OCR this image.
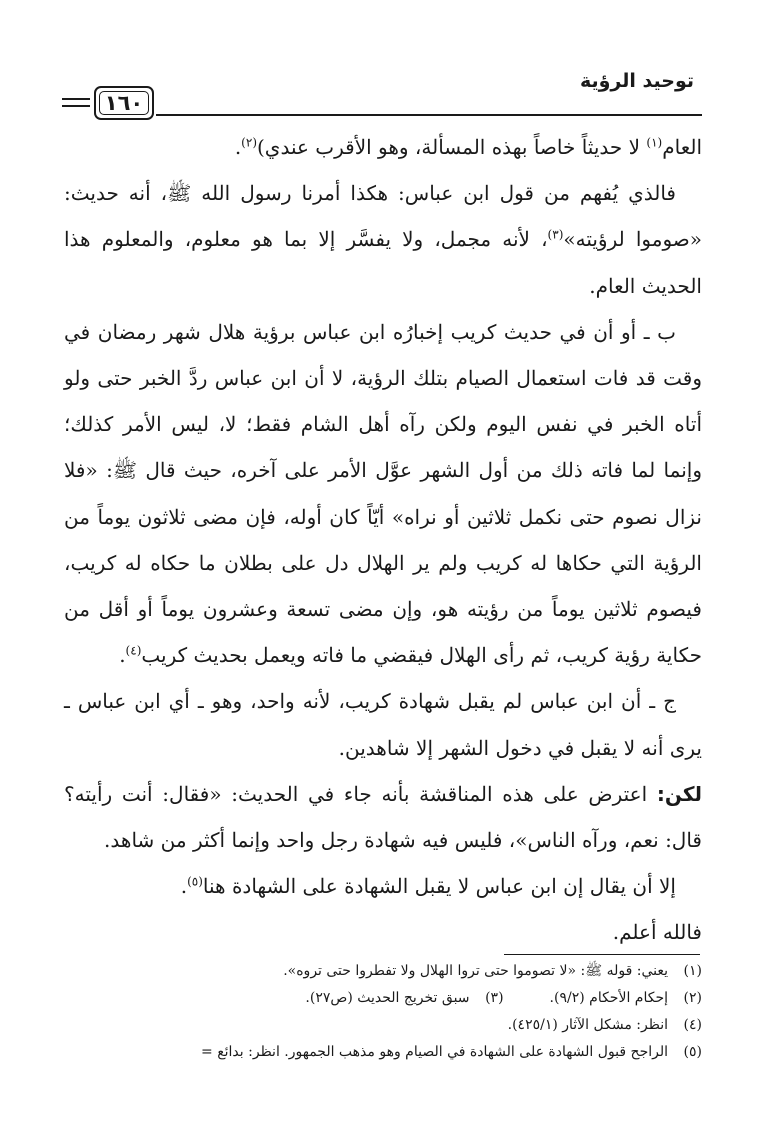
توحيد الرؤية
١٦٠

العام$^{(١)}$ لا حديثاً خاصاً بهذه المسألة، وهو الأقرب عندي)$^{(٢)}$.

فالذي يُفهم من قول ابن عباس: هكذا أمرنا رسول الله ﷺ، أنه حديث: «صوموا لرؤيته»$^{(٣)}$، لأنه مجمل، ولا يفسَّر إلا بما هو معلوم، والمعلوم هذا الحديث العام.

ب ـ أو أن في حديث كريب إخبارُه ابن عباس برؤية هلال شهر رمضان في وقت قد فات استعمال الصيام بتلك الرؤية، لا أن ابن عباس ردَّ الخبر حتى ولو أتاه الخبر في نفس اليوم ولكن رآه أهل الشام فقط؛ لا، ليس الأمر كذلك؛ وإنما لما فاته ذلك من أول الشهر عوَّل الأمر على آخره، حيث قال ﷺ: «فلا نزال نصوم حتى نكمل ثلاثين أو نراه» أيّاً كان أوله، فإن مضى ثلاثون يوماً من الرؤية التي حكاها له كريب ولم ير الهلال دل على بطلان ما حكاه له كريب، فيصوم ثلاثين يوماً من رؤيته هو، وإن مضى تسعة وعشرون يوماً أو أقل من حكاية رؤية كريب، ثم رأى الهلال فيقضي ما فاته ويعمل بحديث كريب$^{(٤)}$.

ج ـ أن ابن عباس لم يقبل شهادة كريب، لأنه واحد، وهو ـ أي ابن عباس ـ يرى أنه لا يقبل في دخول الشهر إلا شاهدين.

لكن: اعترض على هذه المناقشة بأنه جاء في الحديث: «فقال: أنت رأيته؟ قال: نعم، ورآه الناس»، فليس فيه شهادة رجل واحد وإنما أكثر من شاهد.

إلا أن يقال إن ابن عباس لا يقبل الشهادة على الشهادة هنا$^{(٥)}$.

فالله أعلم.

(١)يعني: قوله ﷺ: «لا تصوموا حتى تروا الهلال ولا تفطروا حتى تروه».
(٢)إحكام الأحكام (٩/٢).(٣)سبق تخريج الحديث (ص٢٧).
(٤)انظر: مشكل الآثار (٤٢٥/١).
(٥)الراجح قبول الشهادة على الشهادة في الصيام وهو مذهب الجمهور. انظر: بدائع =
